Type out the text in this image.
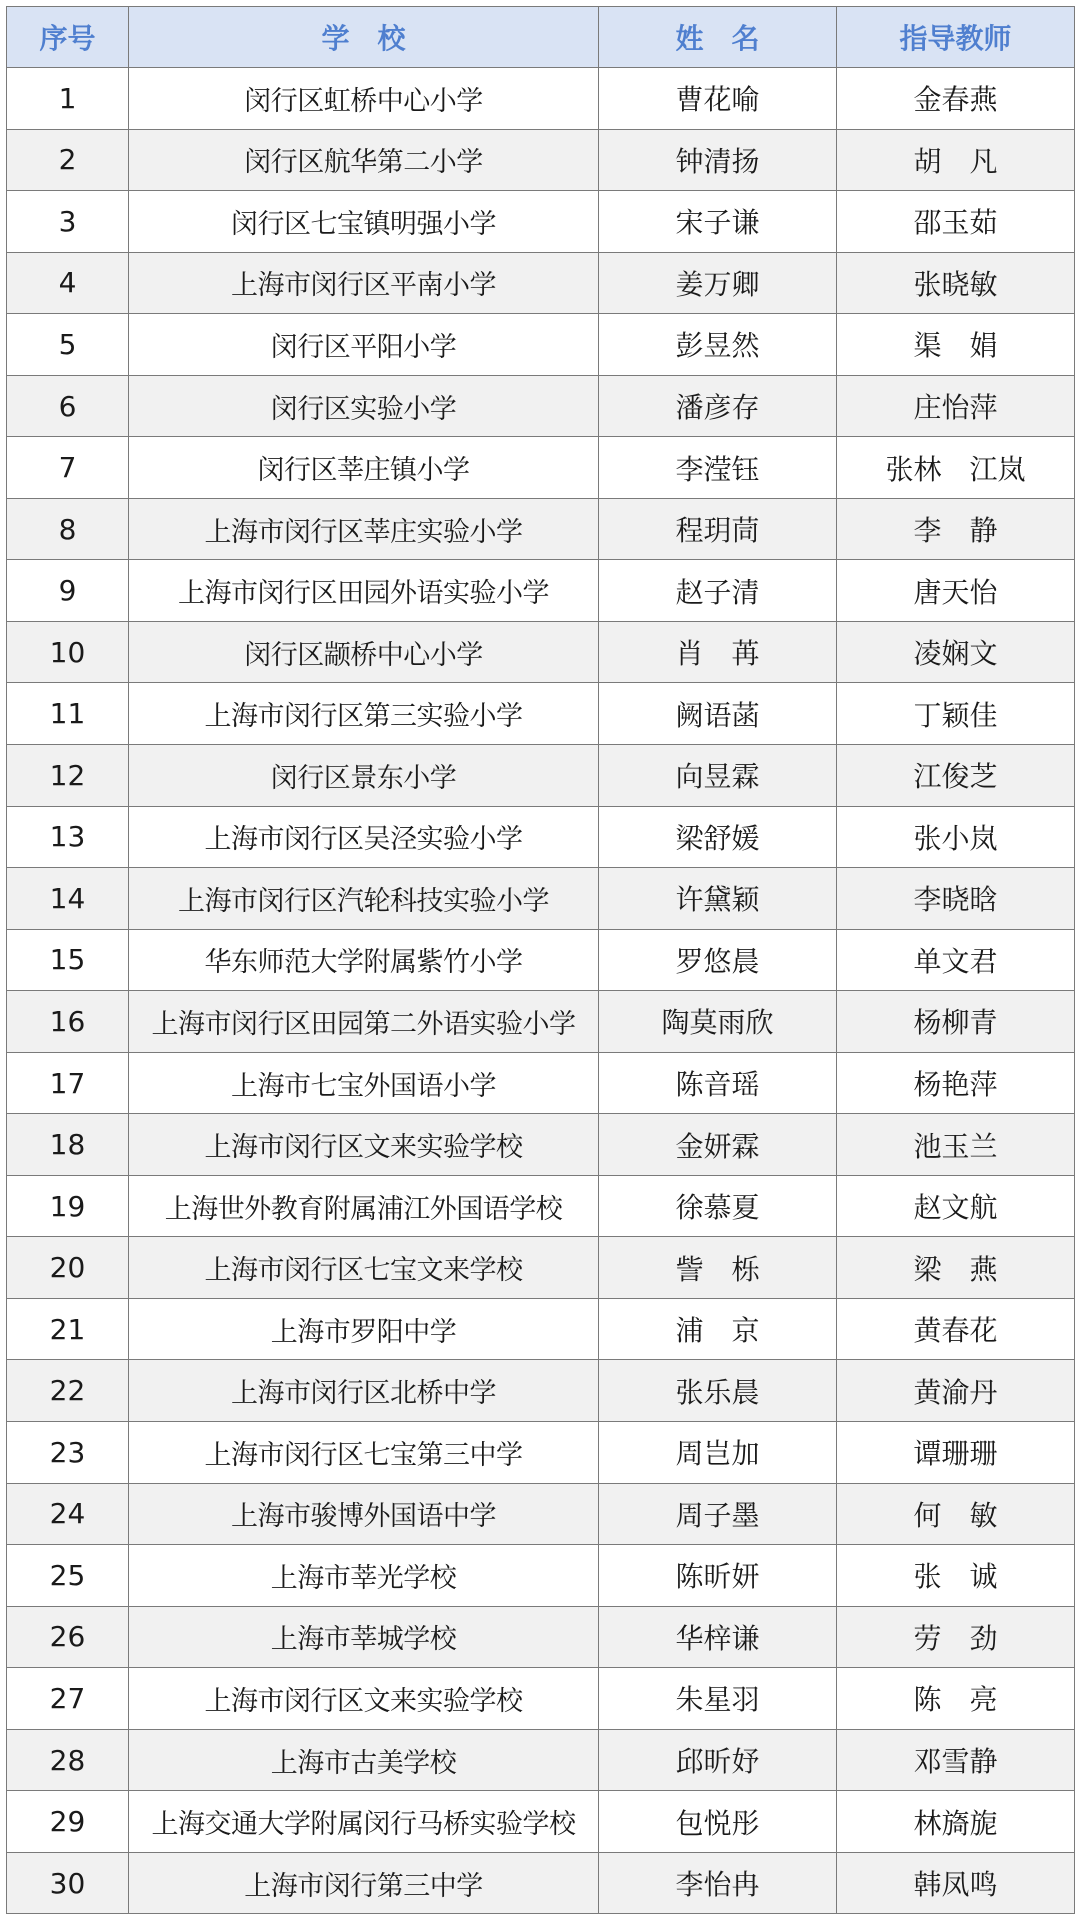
序号	学　校	姓　名	指导教师
1	闵行区虹桥中心小学	曹花喻	金春燕
2	闵行区航华第二小学	钟清扬	胡　凡
3	闵行区七宝镇明强小学	宋子谦	邵玉茹
4	上海市闵行区平南小学	姜万卿	张晓敏
5	闵行区平阳小学	彭昱然	渠　娟
6	闵行区实验小学	潘彦存	庄怡萍
7	闵行区莘庄镇小学	李滢钰	张林　江岚
8	上海市闵行区莘庄实验小学	程玥茼	李　静
9	上海市闵行区田园外语实验小学	赵子清	唐天怡
10	闵行区颛桥中心小学	肖　苒	凌娴文
11	上海市闵行区第三实验小学	阙语菡	丁颖佳
12	闵行区景东小学	向昱霖	江俊芝
13	上海市闵行区吴泾实验小学	梁舒媛	张小岚
14	上海市闵行区汽轮科技实验小学	许黛颖	李晓晗
15	华东师范大学附属紫竹小学	罗悠晨	单文君
16	上海市闵行区田园第二外语实验小学	陶莫雨欣	杨柳青
17	上海市七宝外国语小学	陈音瑶	杨艳萍
18	上海市闵行区文来实验学校	金妍霖	池玉兰
19	上海世外教育附属浦江外国语学校	徐慕夏	赵文航
20	上海市闵行区七宝文来学校	訾　栎	梁　燕
21	上海市罗阳中学	浦　京	黄春花
22	上海市闵行区北桥中学	张乐晨	黄渝丹
23	上海市闵行区七宝第三中学	周岂加	谭珊珊
24	上海市骏博外国语中学	周子墨	何　敏
25	上海市莘光学校	陈昕妍	张　诚
26	上海市莘城学校	华梓谦	劳　劲
27	上海市闵行区文来实验学校	朱星羽	陈　亮
28	上海市古美学校	邱昕妤	邓雪静
29	上海交通大学附属闵行马桥实验学校	包悦彤	林旖旎
30	上海市闵行第三中学	李怡冉	韩凤鸣
